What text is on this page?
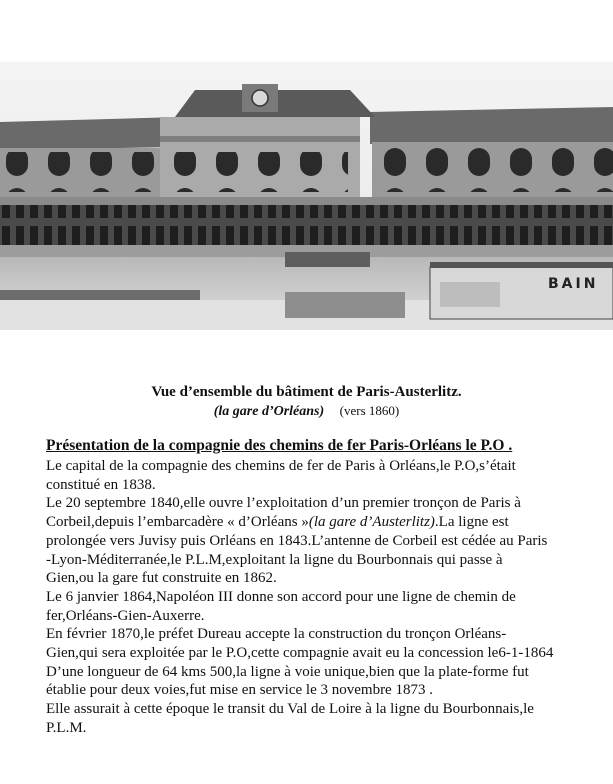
BAIN
Vue d’ensemble du bâtiment de Paris-Austerlitz.
(la gare d’Orléans) (vers 1860)
Présentation de la compagnie des chemins de fer Paris-Orléans le P.O .
Le capital de la compagnie des chemins de fer de Paris à Orléans,le P.O,s’était
constitué en 1838.
Le 20 septembre 1840,elle ouvre l’exploitation d’un premier tronçon de Paris à
Corbeil,depuis l’embarcadère « d’Orléans »(la gare d’Austerlitz).La ligne est
prolongée vers Juvisy puis Orléans en 1843.L’antenne de Corbeil est cédée au Paris
-Lyon-Méditerranée,le P.L.M,exploitant la ligne du Bourbonnais qui passe à
Gien,ou la gare fut construite en 1862.
Le 6 janvier 1864,Napoléon III donne son accord pour une ligne de chemin de
fer,Orléans-Gien-Auxerre.
En février 1870,le préfet Dureau accepte la construction du tronçon Orléans-
Gien,qui sera exploitée par le P.O,cette compagnie avait eu la concession le6-1-1864
D’une longueur de 64 kms 500,la ligne à voie unique,bien que la plate-forme fut
établie pour deux voies,fut mise en service le 3 novembre 1873 .
Elle assurait à cette époque le transit du Val de Loire à la ligne du Bourbonnais,le
P.L.M.
